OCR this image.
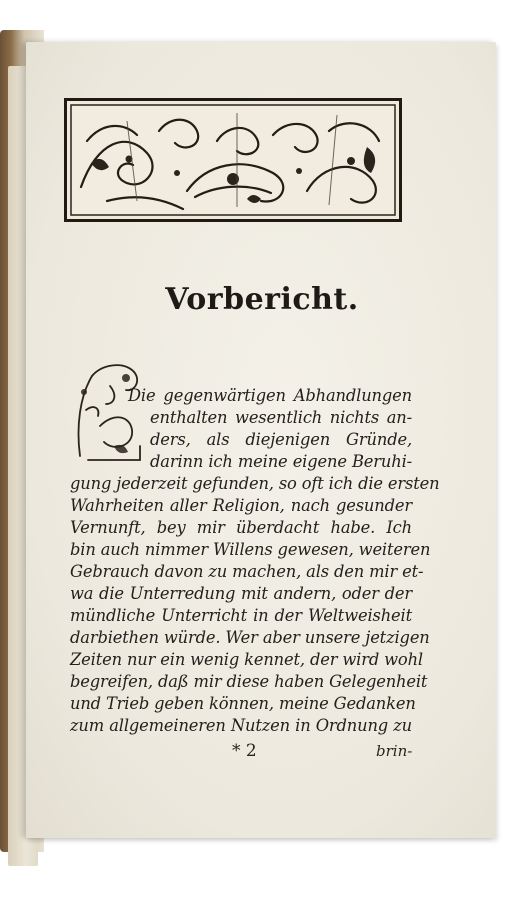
Vorbericht.
Die gegenwärtigen Abhandlungen
enthalten wesentlich nichts an-
ders, als diejenigen Gründe,
darinn ich meine eigene Beruhi-
gung jederzeit gefunden, so oft ich die ersten
Wahrheiten aller Religion, nach gesunder
Vernunft, bey mir überdacht habe. Ich
bin auch nimmer Willens gewesen, weiteren
Gebrauch davon zu machen, als den mir et-
wa die Unterredung mit andern, oder der
mündliche Unterricht in der Weltweisheit
darbiethen würde. Wer aber unsere jetzigen
Zeiten nur ein wenig kennet, der wird wohl
begreifen, daß mir diese haben Gelegenheit
und Trieb geben können, meine Gedanken
zum allgemeineren Nutzen in Ordnung zu
* 2	brin-
